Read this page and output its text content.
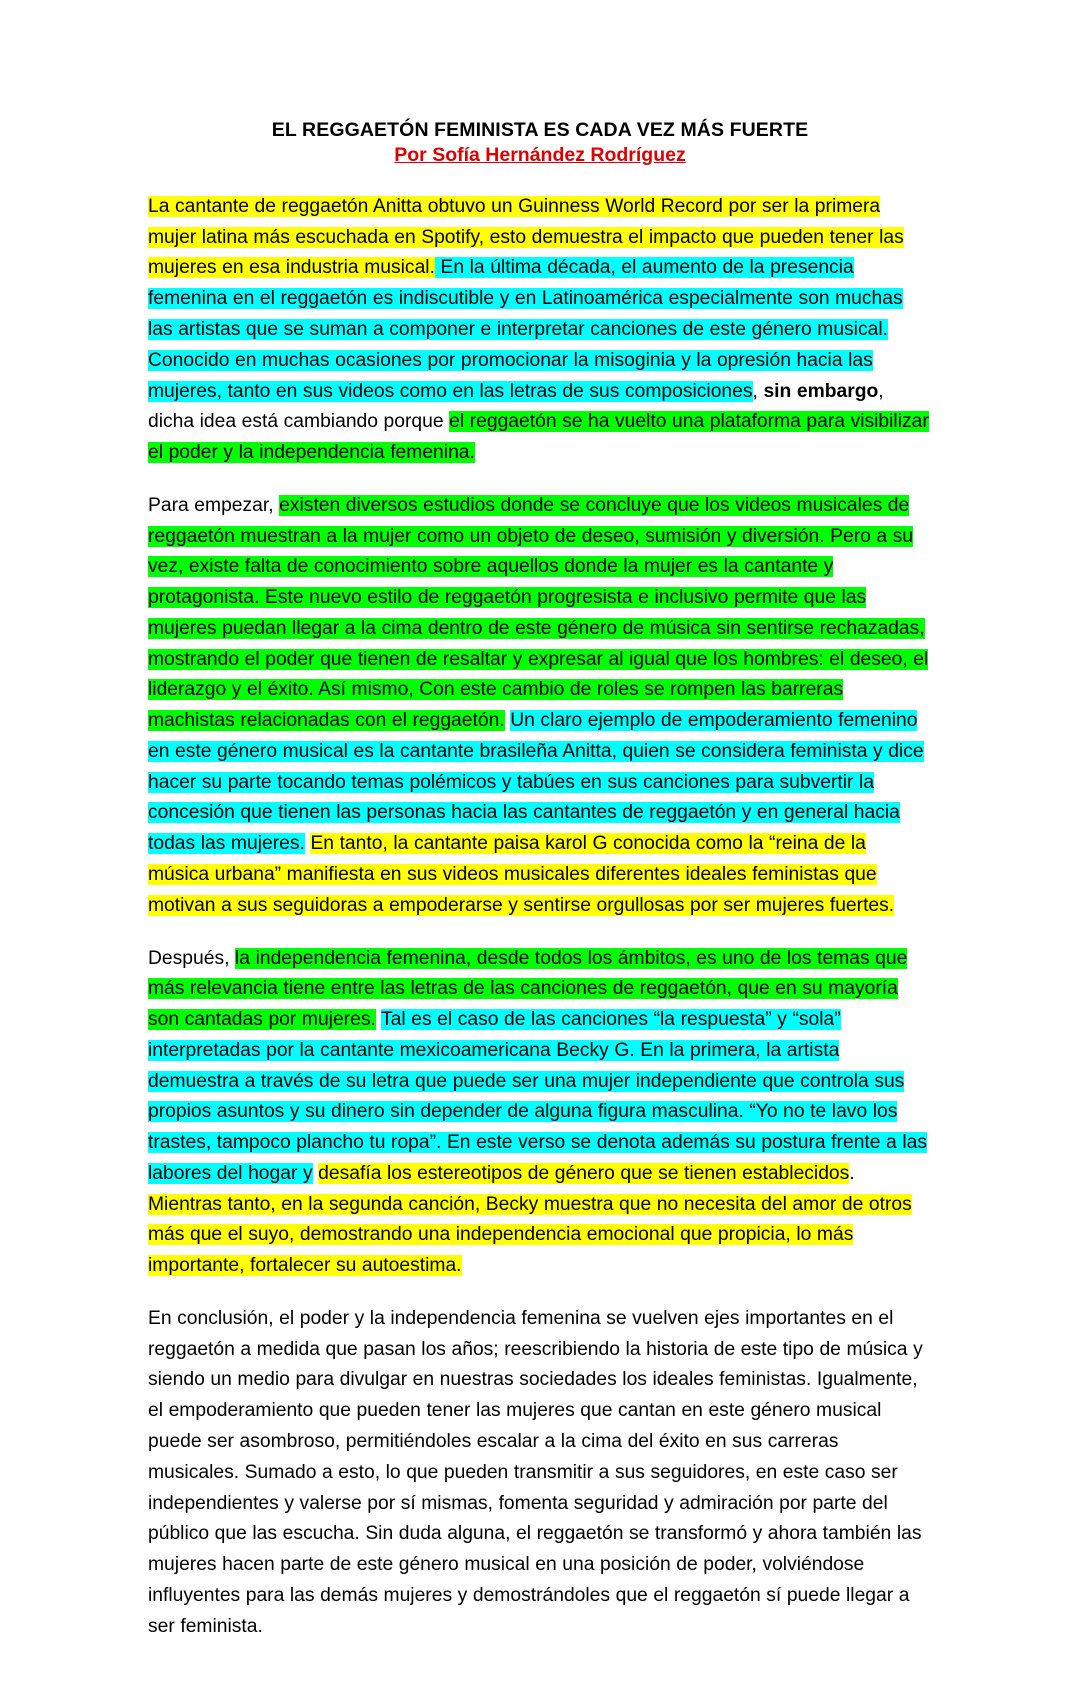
EL REGGAETÓN FEMINISTA ES CADA VEZ MÁS FUERTE
Por Sofía Hernández Rodríguez

La cantante de reggaetón Anitta obtuvo un Guinness World Record por ser la primera mujer latina más escuchada en Spotify, esto demuestra el impacto que pueden tener las mujeres en esa industria musical. En la última década, el aumento de la presencia femenina en el reggaetón es indiscutible y en Latinoamérica especialmente son muchas las artistas que se suman a componer e interpretar canciones de este género musical. Conocido en muchas ocasiones por promocionar la misoginia y la opresión hacia las mujeres, tanto en sus videos como en las letras de sus composiciones, sin embargo, dicha idea está cambiando porque el reggaetón se ha vuelto una plataforma para visibilizar el poder y la independencia femenina.

Para empezar, existen diversos estudios donde se concluye que los videos musicales de reggaetón muestran a la mujer como un objeto de deseo, sumisión y diversión. Pero a su vez, existe falta de conocimiento sobre aquellos donde la mujer es la cantante y protagonista. Este nuevo estilo de reggaetón progresista e inclusivo permite que las mujeres puedan llegar a la cima dentro de este género de música sin sentirse rechazadas, mostrando el poder que tienen de resaltar y expresar al igual que los hombres: el deseo, el liderazgo y el éxito. Así mismo, Con este cambio de roles se rompen las barreras machistas relacionadas con el reggaetón. Un claro ejemplo de empoderamiento femenino en este género musical es la cantante brasileña Anitta, quien se considera feminista y dice hacer su parte tocando temas polémicos y tabúes en sus canciones para subvertir la concesión que tienen las personas hacia las cantantes de reggaetón y en general hacia todas las mujeres. En tanto, la cantante paisa karol G conocida como la “reina de la música urbana” manifiesta en sus videos musicales diferentes ideales feministas que motivan a sus seguidoras a empoderarse y sentirse orgullosas por ser mujeres fuertes.

Después, la independencia femenina, desde todos los ámbitos, es uno de los temas que más relevancia tiene entre las letras de las canciones de reggaetón, que en su mayoría son cantadas por mujeres. Tal es el caso de las canciones “la respuesta” y “sola” interpretadas por la cantante mexicoamericana Becky G. En la primera, la artista demuestra a través de su letra que puede ser una mujer independiente que controla sus propios asuntos y su dinero sin depender de alguna figura masculina. “Yo no te lavo los trastes, tampoco plancho tu ropa”. En este verso se denota además su postura frente a las labores del hogar y desafía los estereotipos de género que se tienen establecidos. Mientras tanto, en la segunda canción, Becky muestra que no necesita del amor de otros más que el suyo, demostrando una independencia emocional que propicia, lo más importante, fortalecer su autoestima.

En conclusión, el poder y la independencia femenina se vuelven ejes importantes en el reggaetón a medida que pasan los años; reescribiendo la historia de este tipo de música y siendo un medio para divulgar en nuestras sociedades los ideales feministas. Igualmente, el empoderamiento que pueden tener las mujeres que cantan en este género musical puede ser asombroso, permitiéndoles escalar a la cima del éxito en sus carreras musicales. Sumado a esto, lo que pueden transmitir a sus seguidores, en este caso ser independientes y valerse por sí mismas, fomenta seguridad y admiración por parte del público que las escucha. Sin duda alguna, el reggaetón se transformó y ahora también las mujeres hacen parte de este género musical en una posición de poder, volviéndose influyentes para las demás mujeres y demostrándoles que el reggaetón sí puede llegar a ser feminista.
